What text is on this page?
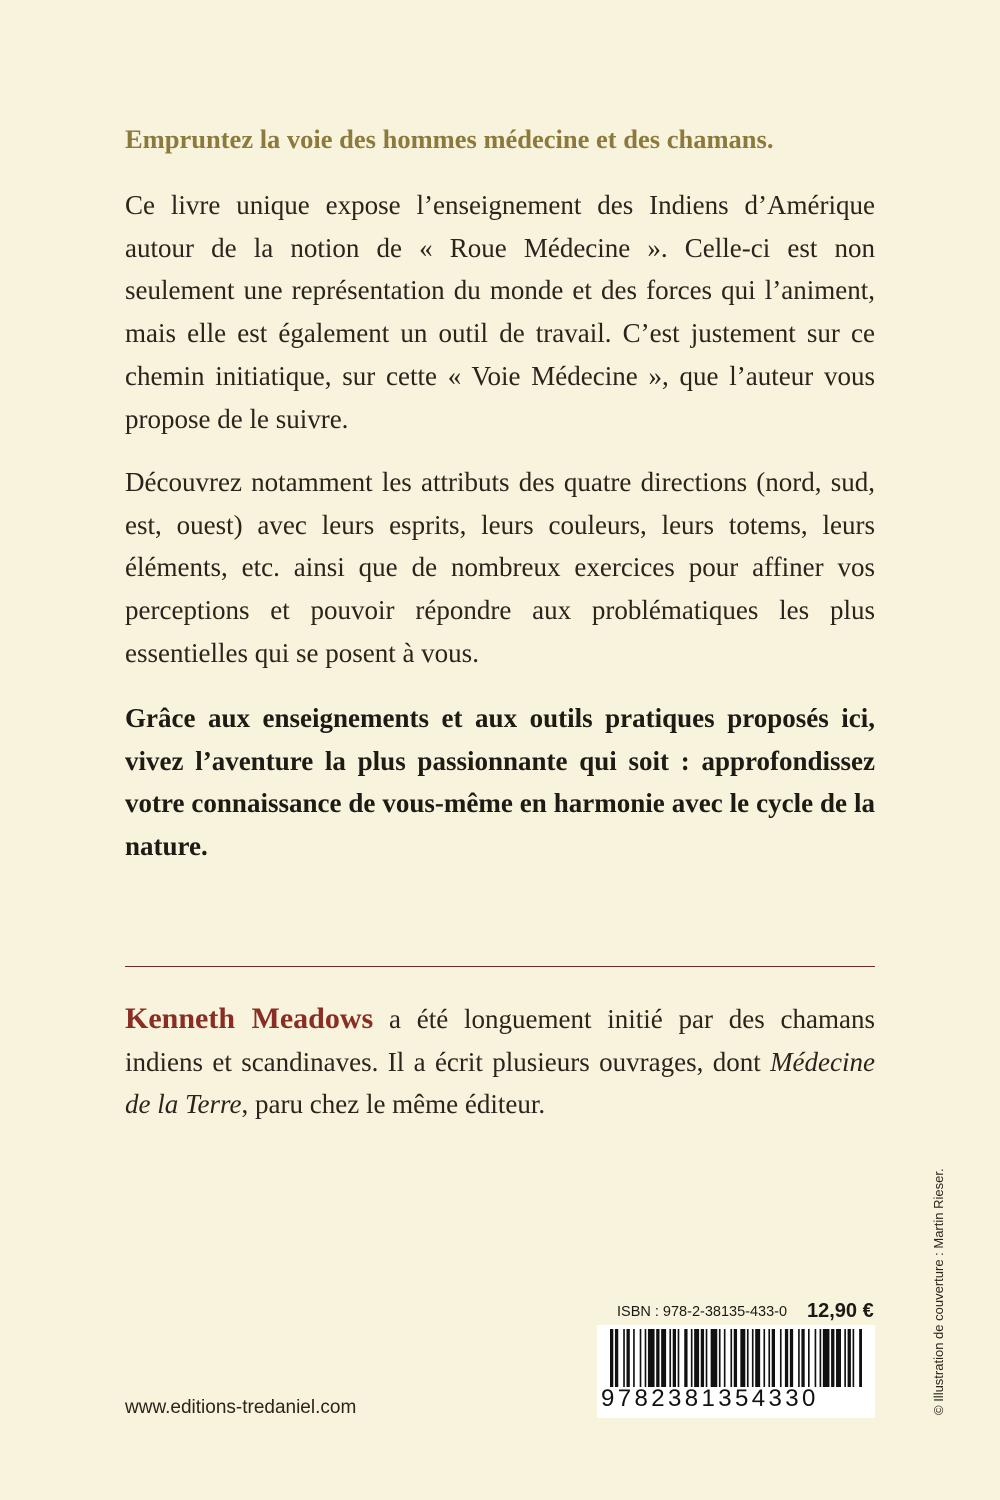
Empruntez la voie des hommes médecine et des chamans.

Ce livre unique expose l’enseignement des Indiens d’Amérique autour de la notion de « Roue Médecine ». Celle-ci est non seulement une représentation du monde et des forces qui l’animent, mais elle est également un outil de travail. C’est justement sur ce chemin initiatique, sur cette « Voie Médecine », que l’auteur vous propose de le suivre.

Découvrez notamment les attributs des quatre directions (nord, sud, est, ouest) avec leurs esprits, leurs couleurs, leurs totems, leurs éléments, etc. ainsi que de nombreux exercices pour affiner vos perceptions et pouvoir répondre aux problématiques les plus essentielles qui se posent à vous.

Grâce aux enseignements et aux outils pratiques proposés ici, vivez l’aventure la plus passionnante qui soit : approfondissez votre connaissance de vous-même en harmonie avec le cycle de la nature.

Kenneth Meadows a été longuement initié par des chamans indiens et scandinaves. Il a écrit plusieurs ouvrages, dont Médecine de la Terre, paru chez le même éditeur.

www.editions-tredaniel.com
ISBN : 978-2-38135-433-0 12,90 €
9782381354330	© Illustration de couverture : Martin Rieser.
